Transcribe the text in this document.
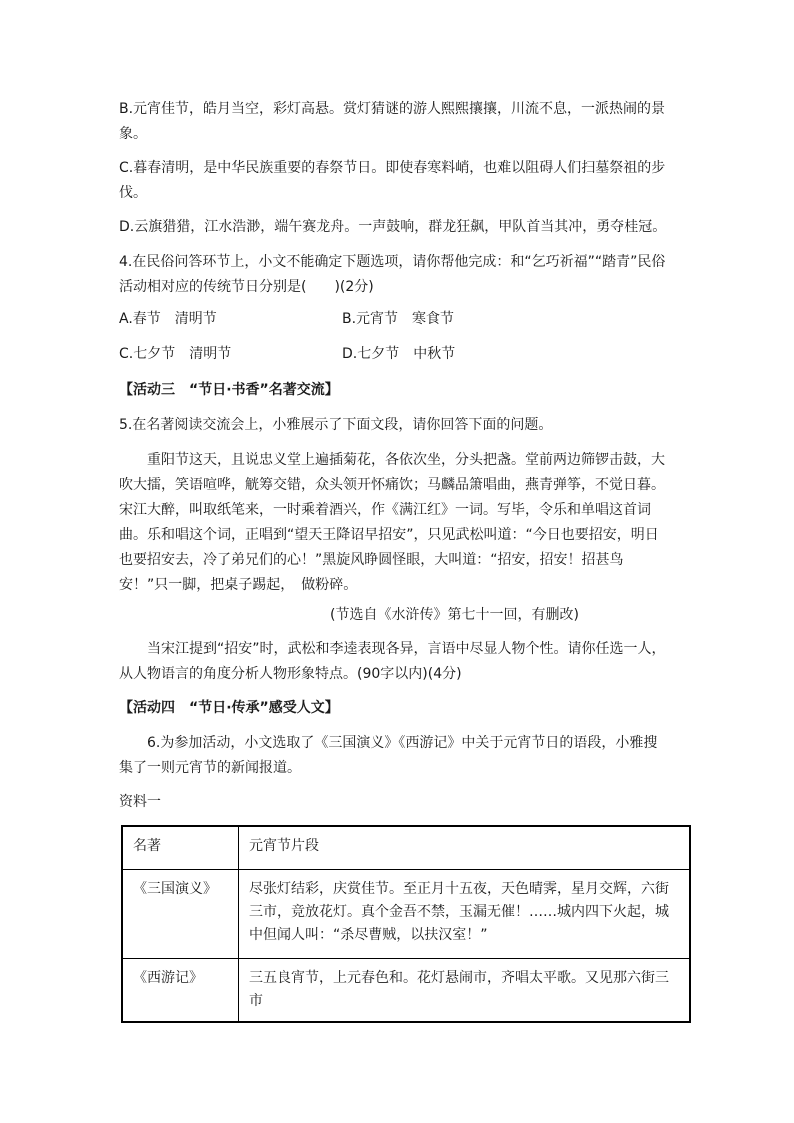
B.元宵佳节，皓月当空，彩灯高悬。赏灯猜谜的游人熙熙攘攘，川流不息，一派热闹的景象。

C.暮春清明，是中华民族重要的春祭节日。即使春寒料峭，也难以阻碍人们扫墓祭祖的步伐。

D.云旗猎猎，江水浩渺，端午赛龙舟。一声鼓响，群龙狂飙，甲队首当其冲，勇夺桂冠。

4.在民俗问答环节上，小文不能确定下题选项，请你帮他完成：和“乞巧祈福”“踏青”民俗活动相对应的传统节日分别是(　　)(2分)

A.春节　清明节	B.元宵节　寒食节
C.七夕节　清明节	D.七夕节　中秋节

【活动三　“节日·书香”名著交流】

5.在名著阅读交流会上，小雅展示了下面文段，请你回答下面的问题。

重阳节这天，且说忠义堂上遍插菊花，各依次坐，分头把盏。堂前两边筛锣击鼓，大吹大擂，笑语喧哗，觥筹交错，众头领开怀痛饮；马麟品箫唱曲，燕青弹筝，不觉日暮。宋江大醉，叫取纸笔来，一时乘着酒兴，作《满江红》一词。写毕，令乐和单唱这首词曲。乐和唱这个词，正唱到“望天王降诏早招安”，只见武松叫道：“今日也要招安，明日也要招安去，冷了弟兄们的心！”黑旋风睁圆怪眼，大叫道：“招安，招安！招甚鸟安！”只一脚，把桌子踢起，　做粉碎。

(节选自《水浒传》第七十一回，有删改)

当宋江提到“招安”时，武松和李逵表现各异，言语中尽显人物个性。请你任选一人，从人物语言的角度分析人物形象特点。(90字以内)(4分)

【活动四　“节日·传承”感受人文】

6.为参加活动，小文选取了《三国演义》《西游记》中关于元宵节日的语段，小雅搜集了一则元宵节的新闻报道。

资料一

名著	元宵节片段
《三国演义》	尽张灯结彩，庆赏佳节。至正月十五夜，天色晴霁，星月交辉，六街三市，竞放花灯。真个金吾不禁，玉漏无催！……城内四下火起，城中但闻人叫：“杀尽曹贼，以扶汉室！”
《西游记》	三五良宵节，上元春色和。花灯悬闹市，齐唱太平歌。又见那六街三市
